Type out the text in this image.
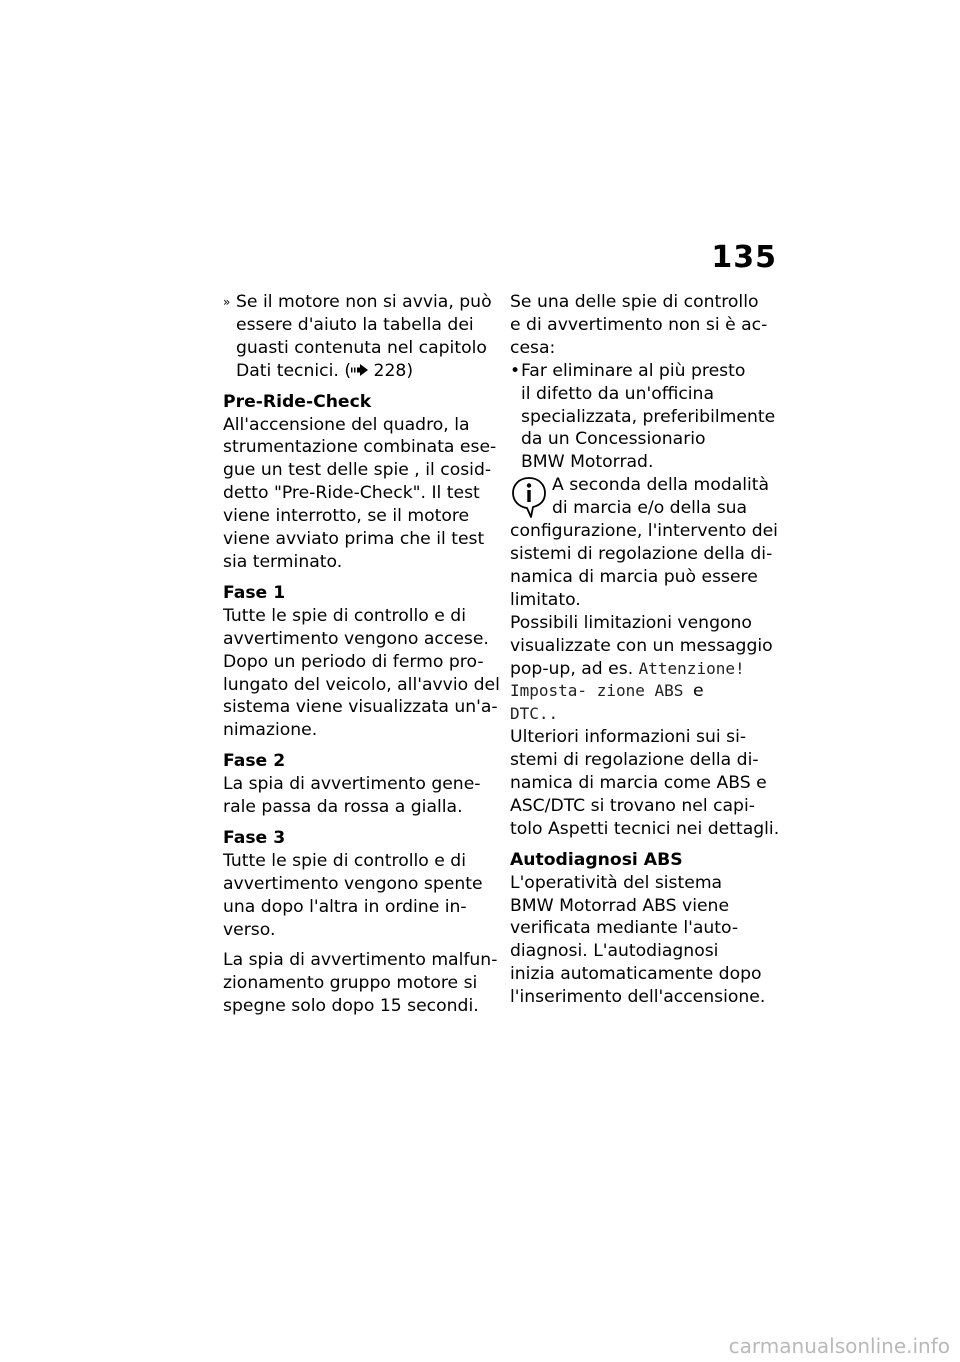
135

» Se il motore non si avvia, può
essere d'aiuto la tabella dei
guasti contenuta nel capitolo
Dati tecnici. ( 228)

Pre-Ride-Check
All'accensione del quadro, la
strumentazione combinata ese-
gue un test delle spie , il cosid-
detto "Pre-Ride-Check". Il test
viene interrotto, se il motore
viene avviato prima che il test
sia terminato.

Fase 1
Tutte le spie di controllo e di
avvertimento vengono accese.
Dopo un periodo di fermo pro-
lungato del veicolo, all'avvio del
sistema viene visualizzata un'a-
nimazione.

Fase 2
La spia di avvertimento gene-
rale passa da rossa a gialla.

Fase 3
Tutte le spie di controllo e di
avvertimento vengono spente
una dopo l'altra in ordine in-
verso.

La spia di avvertimento malfun-
zionamento gruppo motore si
spegne solo dopo 15 secondi.

Se una delle spie di controllo
e di avvertimento non si è ac-
cesa:

• Far eliminare al più presto
il difetto da un'officina
specializzata, preferibilmente
da un Concessionario
BMW Motorrad.

A seconda della modalità
di marcia e/o della sua

configurazione, l'intervento dei
sistemi di regolazione della di-
namica di marcia può essere
limitato.
Possibili limitazioni vengono
visualizzate con un messaggio
pop-up, ad es. Attenzione!
Imposta- zione ABS e
DTC..
Ulteriori informazioni sui si-
stemi di regolazione della di-
namica di marcia come ABS e
ASC/DTC si trovano nel capi-
tolo Aspetti tecnici nei dettagli.

Autodiagnosi ABS
L'operatività del sistema
BMW Motorrad ABS viene
verificata mediante l'auto-
diagnosi. L'autodiagnosi
inizia automaticamente dopo
l'inserimento dell'accensione.

carmanualsonline.info
